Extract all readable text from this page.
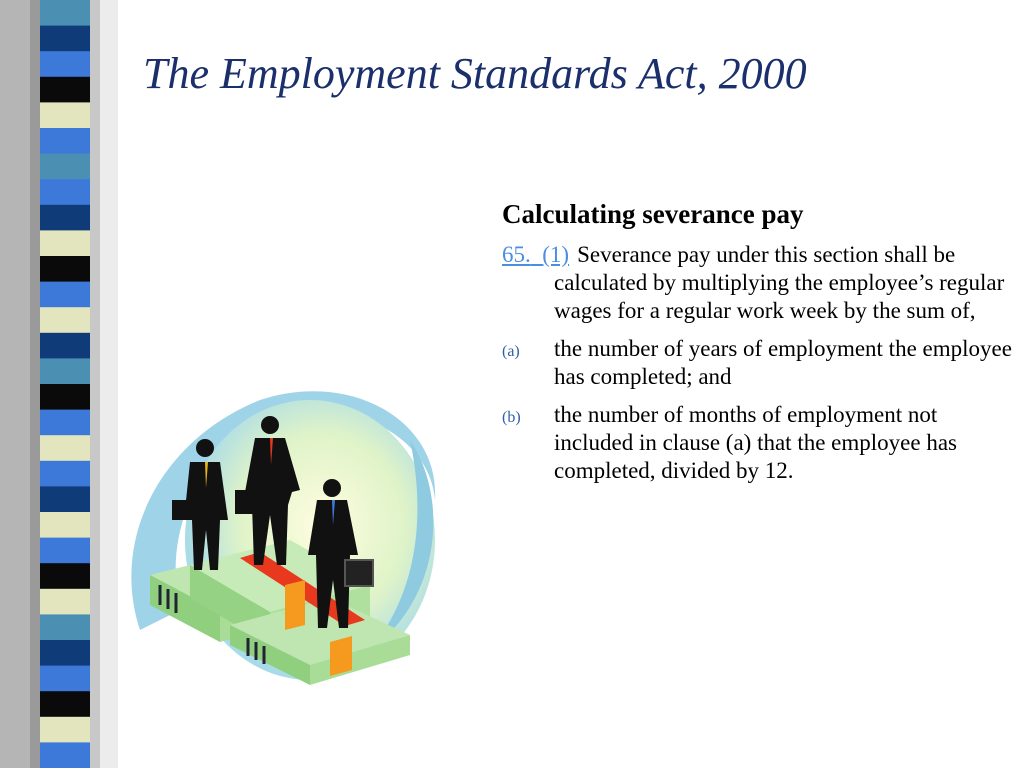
The Employment Standards Act, 2000
Calculating severance pay
65. (1) Severance pay under this section shall be calculated by multiplying the employee’s regular wages for a regular work week by the sum of,
(a) the number of years of employment the employee has completed; and
(b) the number of months of employment not included in clause (a) that the employee has completed, divided by 12.
